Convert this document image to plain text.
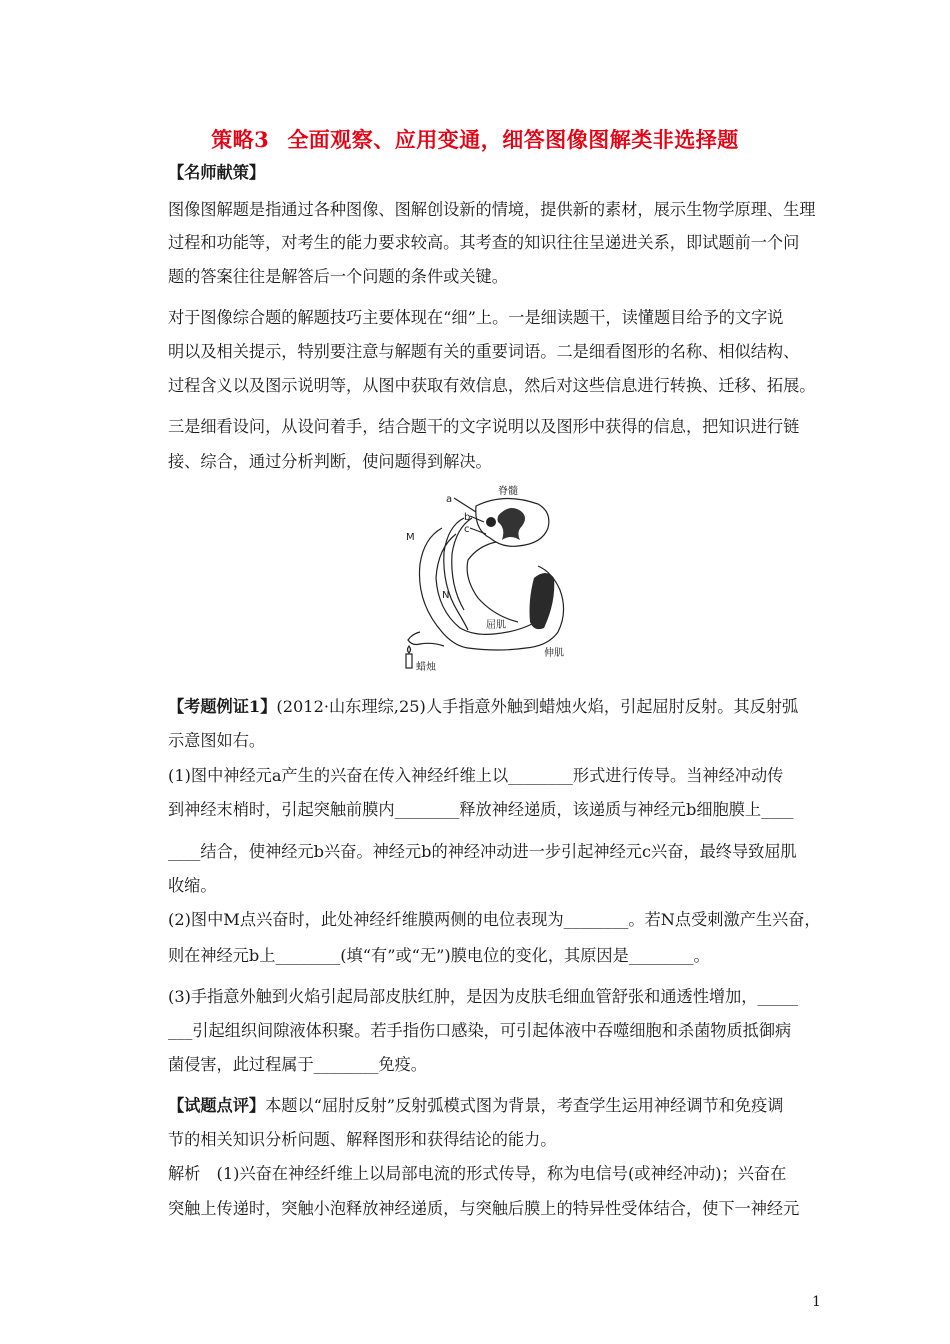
策略3 全面观察、应用变通，细答图像图解类非选择题
【名师献策】
图像图解题是指通过各种图像、图解创设新的情境，提供新的素材，展示生物学原理、生理
过程和功能等，对考生的能力要求较高。其考查的知识往往呈递进关系，即试题前一个问
题的答案往往是解答后一个问题的条件或关键。
对于图像综合题的解题技巧主要体现在“细”上。一是细读题干，读懂题目给予的文字说
明以及相关提示，特别要注意与解题有关的重要词语。二是细看图形的名称、相似结构、
过程含义以及图示说明等，从图中获取有效信息，然后对这些信息进行转换、迁移、拓展。
三是细看设问，从设问着手，结合题干的文字说明以及图形中获得的信息，把知识进行链
接、综合，通过分析判断，使问题得到解决。
脊髓
a
b
c
M
N
屈肌
伸肌
蜡烛
【考题例证1】(2012·山东理综,25)人手指意外触到蜡烛火焰，引起屈肘反射。其反射弧
示意图如右。
(1)图中神经元a产生的兴奋在传入神经纤维上以________形式进行传导。当神经冲动传
到神经末梢时，引起突触前膜内________释放神经递质，该递质与神经元b细胞膜上____
____结合，使神经元b兴奋。神经元b的神经冲动进一步引起神经元c兴奋，最终导致屈肌
收缩。
(2)图中M点兴奋时，此处神经纤维膜两侧的电位表现为________。若N点受刺激产生兴奋，
则在神经元b上________(填“有”或“无”)膜电位的变化，其原因是________。
(3)手指意外触到火焰引起局部皮肤红肿，是因为皮肤毛细血管舒张和通透性增加，_____
___引起组织间隙液体积聚。若手指伤口感染，可引起体液中吞噬细胞和杀菌物质抵御病
菌侵害，此过程属于________免疫。
【试题点评】本题以“屈肘反射”反射弧模式图为背景，考查学生运用神经调节和免疫调
节的相关知识分析问题、解释图形和获得结论的能力。
解析　(1)兴奋在神经纤维上以局部电流的形式传导，称为电信号(或神经冲动)；兴奋在
突触上传递时，突触小泡释放神经递质，与突触后膜上的特异性受体结合，使下一神经元
1
